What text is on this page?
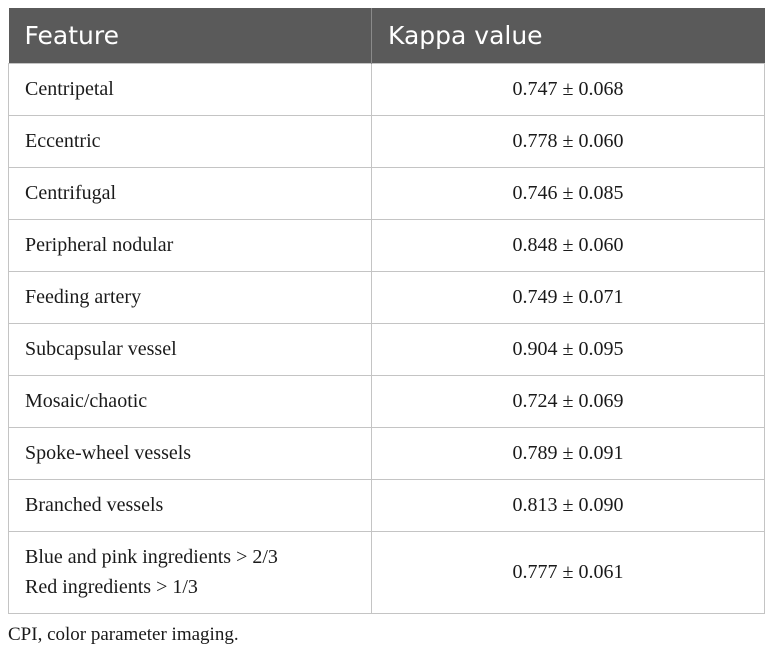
Feature	Kappa value

Centripetal	0.747 ± 0.068

Eccentric	0.778 ± 0.060

Centrifugal	0.746 ± 0.085

Peripheral nodular	0.848 ± 0.060

Feeding artery	0.749 ± 0.071

Subcapsular vessel	0.904 ± 0.095

Mosaic/chaotic	0.724 ± 0.069

Spoke-wheel vessels	0.789 ± 0.091

Branched vessels	0.813 ± 0.090

Blue and pink ingredients > 2/3
Red ingredients > 1/3	0.777 ± 0.061
CPI, color parameter imaging.
